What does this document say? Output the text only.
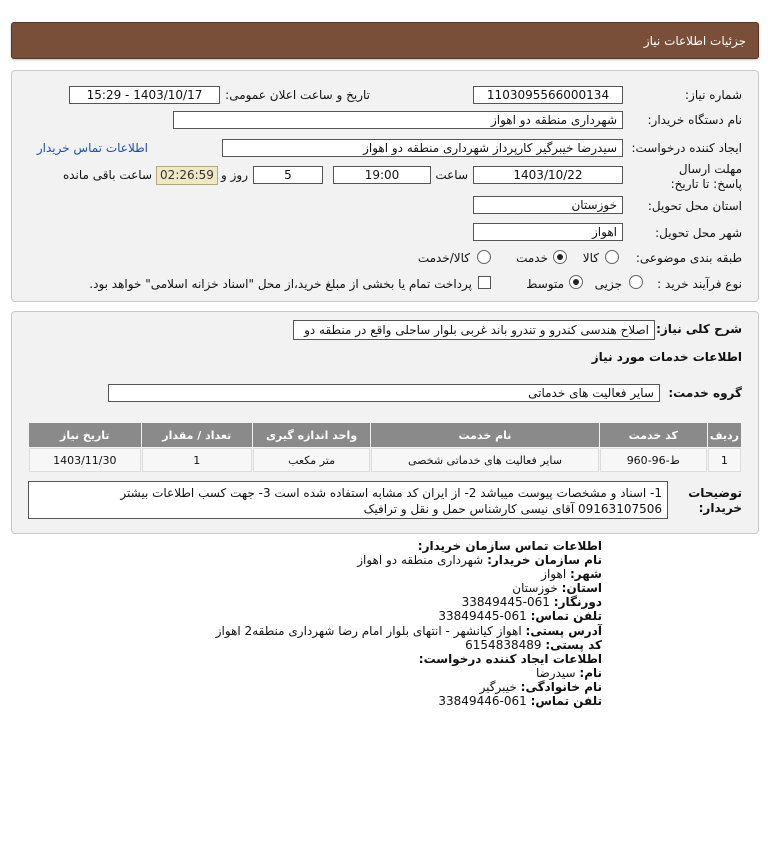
جزئیات اطلاعات نیاز
شماره نیاز:
1103095566000134
تاریخ و ساعت اعلان عمومی:
1403/10/17 - 15:29
نام دستگاه خریدار:
شهرداری منطقه دو اهواز
ایجاد کننده درخواست:
سیدرضا خیبرگیر کارپرداز شهرداری منطقه دو اهواز
اطلاعات تماس خریدار
مهلت ارسال پاسخ: تا تاریخ:
1403/10/22
ساعت
19:00
5
روز و
02:26:59
ساعت باقی مانده
استان محل تحویل:
خوزستان
شهر محل تحویل:
اهواز
طبقه بندی موضوعی:
کالا
خدمت
کالا/خدمت
نوع فرآیند خرید :
جزیی
متوسط
پرداخت تمام یا بخشی از مبلغ خرید،از محل "اسناد خزانه اسلامی" خواهد بود.
شرح کلی نیاز:
اصلاح هندسی کندرو و تندرو باند غربی بلوار ساحلی واقع در منطقه دو
اطلاعات خدمات مورد نیاز
گروه خدمت:
سایر فعالیت های خدماتی
ردیف	کد خدمت	نام خدمت	واحد اندازه گیری	تعداد / مقدار	تاریخ نیاز
1	ط-96-960	سایر فعالیت های خدماتی شخصی	متر مکعب	1	1403/11/30
توضیحات خریدار:
1- اسناد و مشخصات پیوست میباشد 2- از ایران کد مشابه استفاده شده است 3- جهت کسب اطلاعات بیشتر
09163107506 آقای نیسی کارشناس حمل و نقل و ترافیک
اطلاعات تماس سازمان خریدار:
نام سازمان خریدار: شهرداری منطقه دو اهواز
شهر: اهواز
استان: خوزستان
دورنگار: 061-33849445
تلفن تماس: 061-33849445
آدرس پستی: اهواز کیانشهر - انتهای بلوار امام رضا شهرداری منطقه2 اهواز
کد پستی: 6154838489
اطلاعات ایجاد کننده درخواست:
نام: سیدرضا
نام خانوادگی: خیبرگیر
تلفن تماس: 061-33849446
